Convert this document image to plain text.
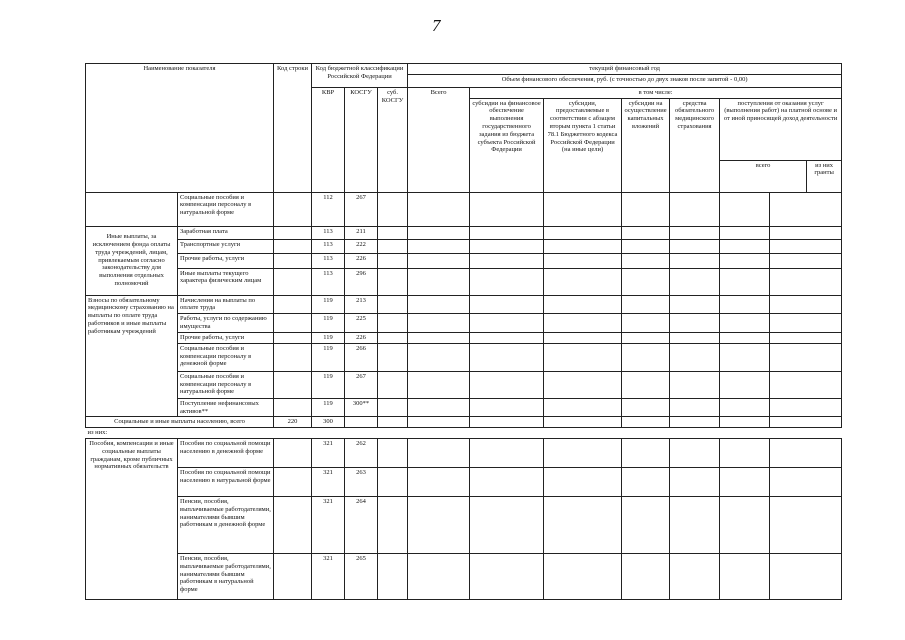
7
Наименование показателя		Код строки	Код бюджетной классификации Российской Федерации			текущий финансовый год							
						Объем финансового обеспечения, руб. (с точностью до двух знаков после запятой - 0,00)							
			КВР	КОСГУ	суб. КОСГУ	Всего	в том числе:						
							субсидии на финансовое обеспечение выполнения государственного задания из бюджета субъекта Российской Федерации	субсидии, предоставляемые в соответствии с абзацем вторым пункта 1 статьи 78.1 Бюджетного кодекса Российской Федерации (на иные цели)	субсидии на осуществление капитальных вложений	средства обязательного медицинского страхования	поступления от оказания услуг (выполнения работ) на платной основе и от иной приносящей доход деятельности		
											всего		из них гранты
	Социальные пособия и компенсации персоналу в натуральной форме		112	267									
Иные выплаты, за исключением фонда оплаты труда учреждений, лицам, привлекаемым согласно законодательству для выполнения отдельных полномочий	Заработная плата		113	211									
	Транспортные услуги		113	222									
	Прочие работы, услуги		113	226									
	Иные выплаты текущего характера физическим лицам		113	296									
Взносы по обязательному медицинскому страхованию на выплаты по оплате труда работников и иные выплаты работникам учреждений	Начисления на выплаты по оплате труда		119	213									
	Работы, услуги по содержанию имущества		119	225									
	Прочие работы, услуги		119	226									
	Социальные пособия и компенсации персоналу в денежной форме		119	266									
	Социальные пособия и компенсации персоналу в натуральной форме		119	267									
	Поступление нефинансовых активов**		119	300**									
Социальные и иные выплаты населению, всего		220	300										
из них:													
Пособия, компенсации и иные социальные выплаты гражданам, кроме публичных нормативных обязательств	Пособия по социальной помощи населению в денежной форме		321	262									
	Пособия по социальной помощи населению в натуральной форме		321	263									
	Пенсии, пособия, выплачиваемые работодателями, нанимателями бывшим работникам в денежной форме		321	264									
	Пенсии, пособия, выплачиваемые работодателями, нанимателями бывшим работникам в натуральной форме		321	265									
